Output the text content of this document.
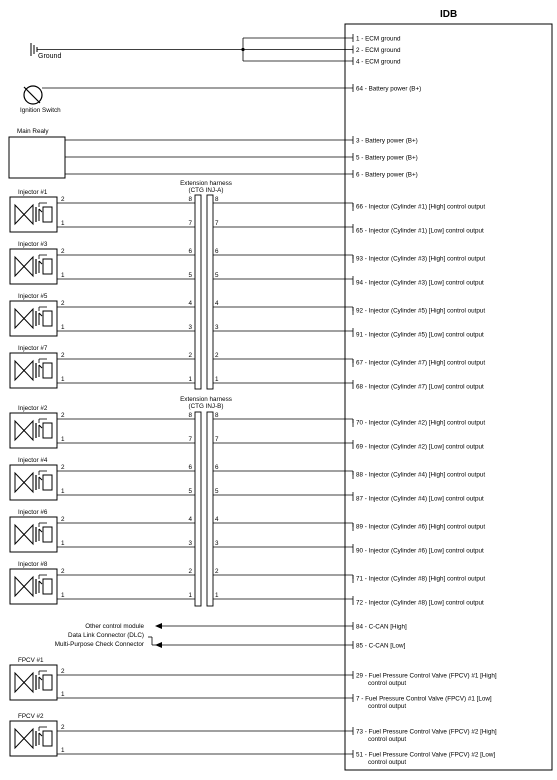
IDB
Ground
Ignition Switch
Main Realy
1 - ECM ground
2 - ECM ground
4 - ECM ground
64 - Battery power (B+)
3 - Battery power (B+)
5 - Battery power (B+)
6 - Battery power (B+)
Extension harness
(CTG INJ-A)
Injector #1
2
1
8	8
7	7
Injector #3
2
1
6	6
5	5
Injector #5
2
1
4	4
3	3
Injector #7
2
1
2	2
1	1
66 - Injector (Cylinder #1) [High] control output
65 - Injector (Cylinder #1) [Low] control output
93 - Injector (Cylinder #3) [High] control output
94 - Injector (Cylinder #3) [Low] control output
92 - Injector (Cylinder #5) [High] control output
91 - Injector (Cylinder #5) [Low] control output
67 - Injector (Cylinder #7) [High] control output
68 - Injector (Cylinder #7) [Low] control output
Extension harness
(CTG INJ-B)
Injector #2
2
1
8	8
7	7
Injector #4
2
1
6	6
5	5
Injector #6
2
1
4	4
3	3
Injector #8
2
1
2	2
1	1
70 - Injector (Cylinder #2) [High] control output
69 - Injector (Cylinder #2) [Low] control output
88 - Injector (Cylinder #4) [High] control output
87 - Injector (Cylinder #4) [Low] control output
89 - Injector (Cylinder #6) [High] control output
90 - Injector (Cylinder #6) [Low] control output
71 - Injector (Cylinder #8) [High] control output
72 - Injector (Cylinder #8) [Low] control output
Other control module
Data Link Connector (DLC)
Multi-Purpose Check Connector
84 - C-CAN [High]
85 - C-CAN [Low]
FPCV #1
2
1
29 - Fuel Pressure Control Valve (FPCV) #1 [High]
control output
7 - Fuel Pressure Control Valve (FPCV) #1 [Low]
control output
FPCV #2
2
1
73 - Fuel Pressure Control Valve (FPCV) #2 [High]
control output
51 - Fuel Pressure Control Valve (FPCV) #2 [Low]
control output
